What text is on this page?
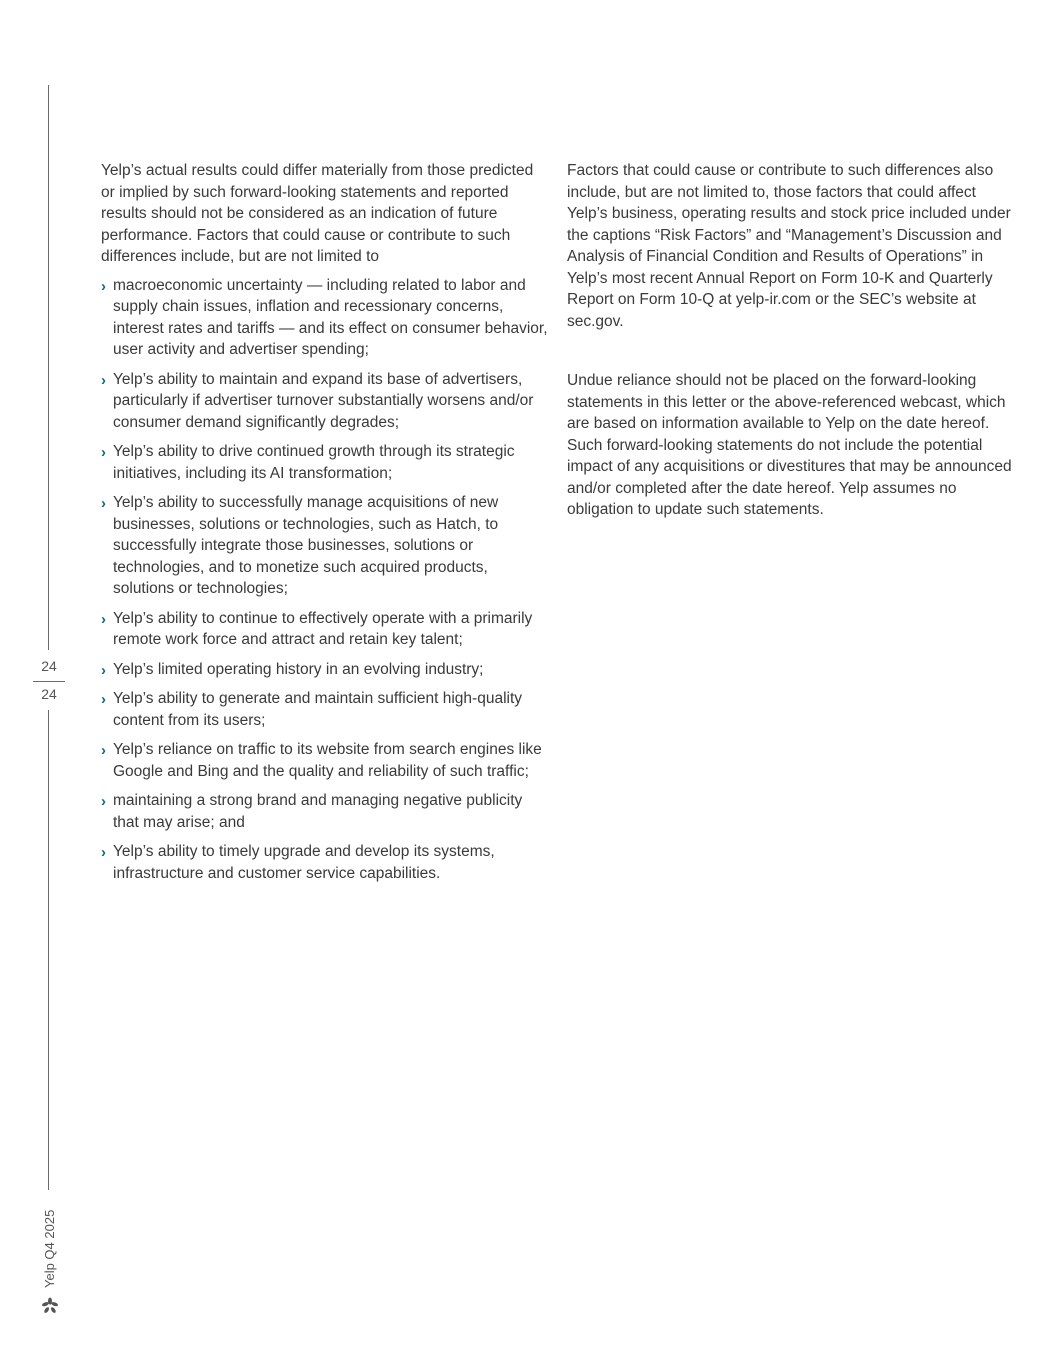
24
24
Yelp Q4 2025

Yelp’s actual results could differ materially from those predicted or implied by such forward-looking statements and reported results should not be considered as an indication of future performance. Factors that could cause or contribute to such differences include, but are not limited to

› macroeconomic uncertainty — including related to labor and supply chain issues, inflation and recessionary concerns, interest rates and tariffs — and its effect on consumer behavior, user activity and advertiser spending;
› Yelp’s ability to maintain and expand its base of advertisers, particularly if advertiser turnover substantially worsens and/or consumer demand significantly degrades;
› Yelp’s ability to drive continued growth through its strategic initiatives, including its AI transformation;
› Yelp’s ability to successfully manage acquisitions of new businesses, solutions or technologies, such as Hatch, to successfully integrate those businesses, solutions or technologies, and to monetize such acquired products, solutions or technologies;
› Yelp’s ability to continue to effectively operate with a primarily remote work force and attract and retain key talent;
› Yelp’s limited operating history in an evolving industry;
› Yelp’s ability to generate and maintain sufficient high-quality content from its users;
› Yelp’s reliance on traffic to its website from search engines like Google and Bing and the quality and reliability of such traffic;
› maintaining a strong brand and managing negative publicity that may arise; and
› Yelp’s ability to timely upgrade and develop its systems, infrastructure and customer service capabilities.

Factors that could cause or contribute to such differences also include, but are not limited to, those factors that could affect Yelp’s business, operating results and stock price included under the captions “Risk Factors” and “Management’s Discussion and Analysis of Financial Condition and Results of Operations” in Yelp’s most recent Annual Report on Form 10-K and Quarterly Report on Form 10-Q at yelp-ir.com or the SEC’s website at sec.gov.

Undue reliance should not be placed on the forward-looking statements in this letter or the above-referenced webcast, which are based on information available to Yelp on the date hereof. Such forward-looking statements do not include the potential impact of any acquisitions or divestitures that may be announced and/or completed after the date hereof. Yelp assumes no obligation to update such statements.
